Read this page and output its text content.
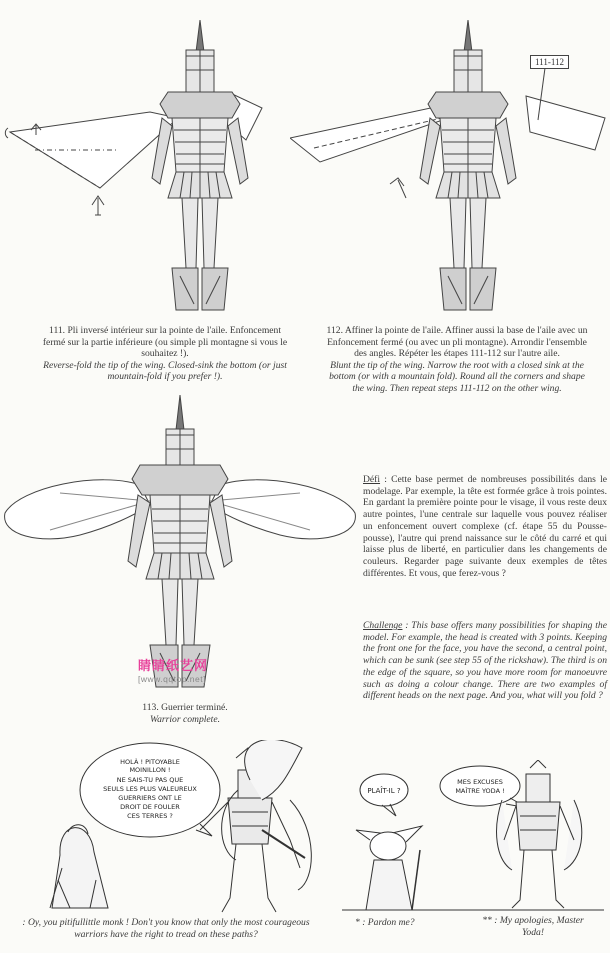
111. Pli inversé intérieur sur la pointe de l'aile. Enfoncement fermé sur la partie inférieure (ou simple pli montagne si vous le souhaitez !).
Reverse-fold the tip of the wing. Closed-sink the bottom (or just mountain-fold if you prefer !).
111-112
112. Affiner la pointe de l'aile. Affiner aussi la base de l'aile avec un Enfoncement fermé (ou avec un pli montagne). Arrondir l'ensemble des angles. Répéter les étapes 111-112 sur l'autre aile.
Blunt the tip of the wing. Narrow the root with a closed sink at the bottom (or with a mountain fold). Round all the corners and shape the wing. Then repeat steps 111-112 on the other wing.
睛睛纸艺网
[www.qqtop.net]
113. Guerrier terminé.
Warrior complete.
Défi : Cette base permet de nombreuses possibilités dans le modelage. Par exemple, la tête est formée grâce à trois pointes. En gardant la première pointe pour le visage, il vous reste deux autre pointes, l'une centrale sur laquelle vous pouvez réaliser un enfoncement ouvert complexe (cf. étape 55 du Pousse-pousse), l'autre qui prend naissance sur le côté du carré et qui laisse plus de liberté, en particulier dans les changements de couleurs. Regarder page suivante deux exemples de têtes différentes. Et vous, que ferez-vous ?
Challenge : This base offers many possibilities for shaping the model. For example, the head is created with 3 points. Keeping the front one for the face, you have the second, a central point, which can be sunk (see step 55 of the rickshaw). The third is on the edge of the square, so you have more room for manoeuvre such as doing a colour change. There are two examples of different heads on the next page. And you, what will you fold ?
HOLÀ ! PITOYABLE
MOINILLON !
NE SAIS-TU PAS QUE
SEULS LES PLUS VALEUREUX
GUERRIERS ONT LE
DROIT DE FOULER
CES TERRES ?
: Oy, you pitifullittle monk ! Don't you know that only the most courageous warriors have the right to tread on these paths?
PLAÎT-IL ?
MES EXCUSES
MAÎTRE YODA !
* : Pardon me?	** : My apologies, Master Yoda!
